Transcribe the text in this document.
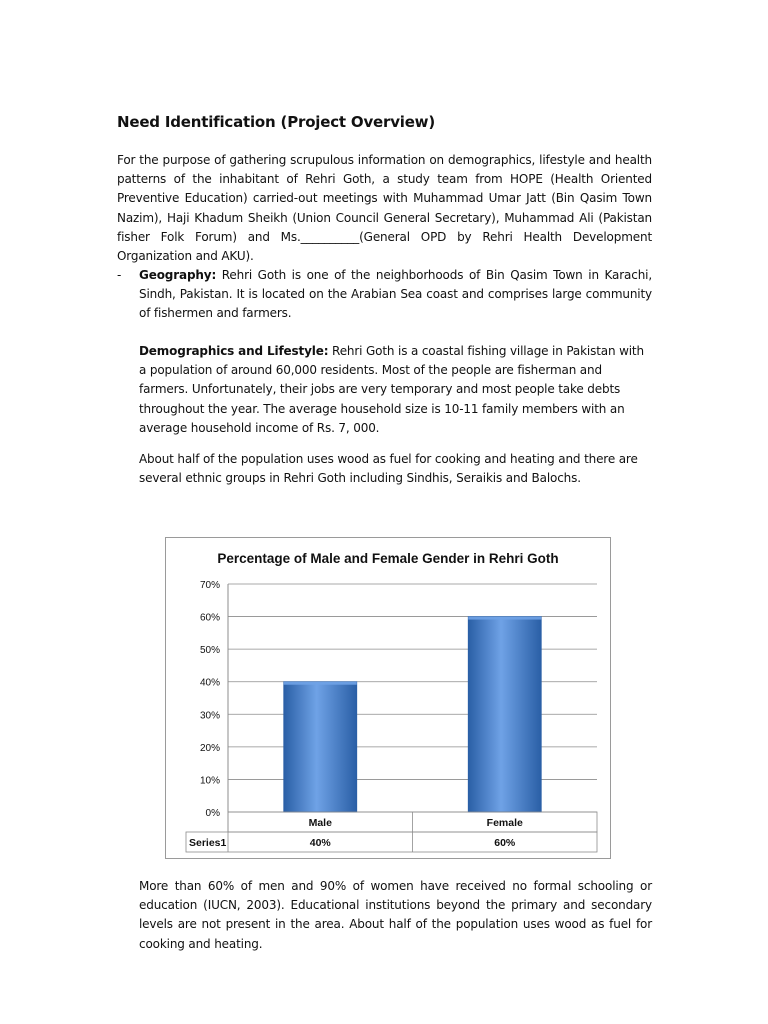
Need Identification (Project Overview)

For the purpose of gathering scrupulous information on demographics, lifestyle and health patterns of the inhabitant of Rehri Goth, a study team from HOPE (Health Oriented Preventive Education) carried-out meetings with Muhammad Umar Jatt (Bin Qasim Town Nazim), Haji Khadum Sheikh (Union Council General Secretary), Muhammad Ali (Pakistan fisher Folk Forum) and Ms.__________(General OPD by Rehri Health Development Organization and AKU).

- Geography: Rehri Goth is one of the neighborhoods of Bin Qasim Town in Karachi, Sindh, Pakistan. It is located on the Arabian Sea coast and comprises large community of fishermen and farmers.

Demographics and Lifestyle: Rehri Goth is a coastal fishing village in Pakistan with a population of around 60,000 residents. Most of the people are fisherman and farmers. Unfortunately, their jobs are very temporary and most people take debts throughout the year. The average household size is 10-11 family members with an average household income of Rs. 7, 000.

About half of the population uses wood as fuel for cooking and heating and there are several ethnic groups in Rehri Goth including Sindhis, Seraikis and Balochs.

Percentage of Male and Female Gender in Rehri Goth
0%
10%
20%
30%
40%
50%
60%
70%
Series1
Male
40%
Female
60%

More than 60% of men and 90% of women have received no formal schooling or education (IUCN, 2003). Educational institutions beyond the primary and secondary levels are not present in the area. About half of the population uses wood as fuel for cooking and heating.
